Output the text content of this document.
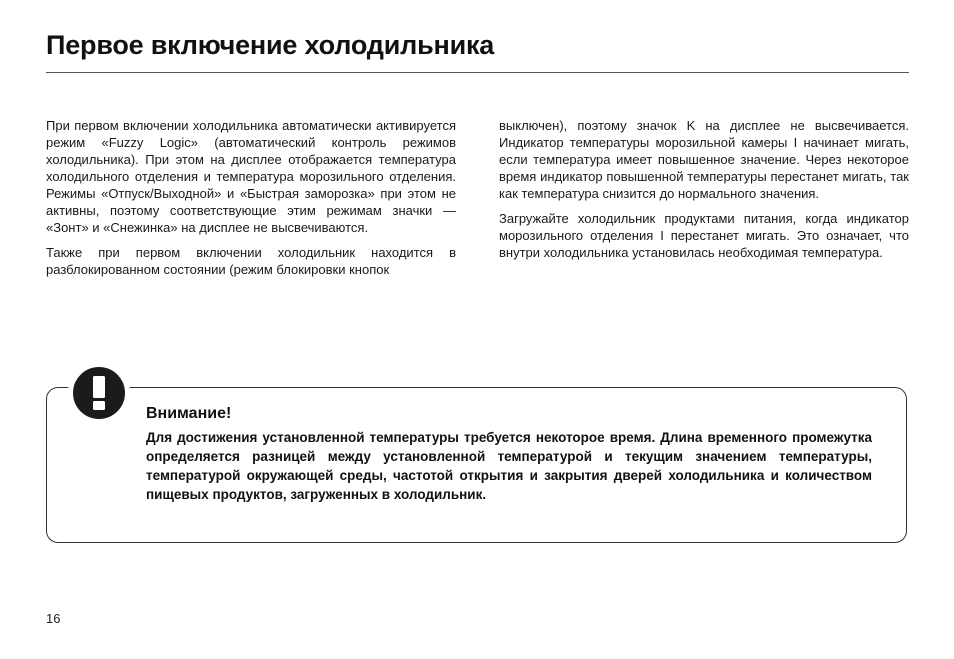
Первое включение холодильника

При первом включении холодильника автоматически активируется режим «Fuzzy Logic» (автоматический контроль режимов холодильника). При этом на дисплее отображается температура холодильного отделения и температура морозильного отделения. Режимы «Отпуск/Выходной» и «Быстрая заморозка» при этом не активны, поэтому соответствующие этим режимам значки — «Зонт» и «Снежинка» на дисплее не высвечиваются.

Также при первом включении холодильник находится в разблокированном состоянии (режим блокировки кнопок

выключен), поэтому значок K на дисплее не высвечивается. Индикатор температуры морозильной камеры I начинает мигать, если температура имеет повышенное значение. Через некоторое время индикатор повышенной температуры перестанет мигать, так как температура снизится до нормального значения.

Загружайте холодильник продуктами питания, когда индикатор морозильного отделения I перестанет мигать. Это означает, что внутри холодильника установилась необходимая температура.

Внимание!

Для достижения установленной температуры требуется некоторое время. Длина временного промежутка определяется разницей между установленной температурой и текущим значением температуры, температурой окружающей среды, частотой открытия и закрытия дверей холодильника и количеством пищевых продуктов, загруженных в холодильник.

16
